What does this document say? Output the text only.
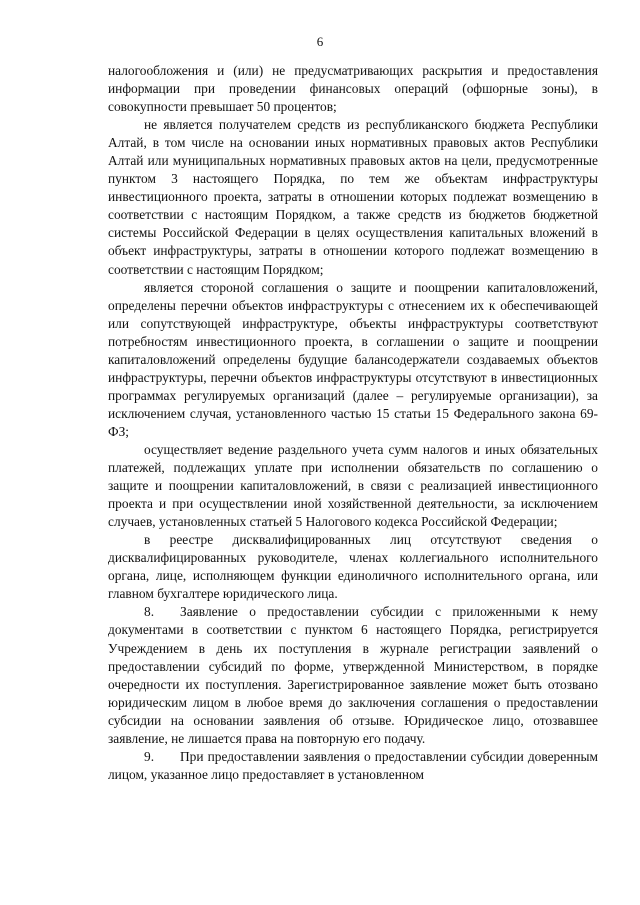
6

налогообложения и (или) не предусматривающих раскрытия и предоставления информации при проведении финансовых операций (офшорные зоны), в совокупности превышает 50 процентов;

не является получателем средств из республиканского бюджета Республики Алтай, в том числе на основании иных нормативных правовых актов Республики Алтай или муниципальных нормативных правовых актов на цели, предусмотренные пунктом 3 настоящего Порядка, по тем же объектам инфраструктуры инвестиционного проекта, затраты в отношении которых подлежат возмещению в соответствии с настоящим Порядком, а также средств из бюджетов бюджетной системы Российской Федерации в целях осуществления капитальных вложений в объект инфраструктуры, затраты в отношении которого подлежат возмещению в соответствии с настоящим Порядком;

является стороной соглашения о защите и поощрении капиталовложений, определены перечни объектов инфраструктуры с отнесением их к обеспечивающей или сопутствующей инфраструктуре, объекты инфраструктуры соответствуют потребностям инвестиционного проекта, в соглашении о защите и поощрении капиталовложений определены будущие балансодержатели создаваемых объектов инфраструктуры, перечни объектов инфраструктуры отсутствуют в инвестиционных программах регулируемых организаций (далее – регулируемые организации), за исключением случая, установленного частью 15 статьи 15 Федерального закона 69-ФЗ;

осуществляет ведение раздельного учета сумм налогов и иных обязательных платежей, подлежащих уплате при исполнении обязательств по соглашению о защите и поощрении капиталовложений, в связи с реализацией инвестиционного проекта и при осуществлении иной хозяйственной деятельности, за исключением случаев, установленных статьей 5 Налогового кодекса Российской Федерации;

в реестре дисквалифицированных лиц отсутствуют сведения о дисквалифицированных руководителе, членах коллегиального исполнительного органа, лице, исполняющем функции единоличного исполнительного органа, или главном бухгалтере юридического лица.

8. Заявление о предоставлении субсидии с приложенными к нему документами в соответствии с пунктом 6 настоящего Порядка, регистрируется Учреждением в день их поступления в журнале регистрации заявлений о предоставлении субсидий по форме, утвержденной Министерством, в порядке очередности их поступления. Зарегистрированное заявление может быть отозвано юридическим лицом в любое время до заключения соглашения о предоставлении субсидии на основании заявления об отзыве. Юридическое лицо, отозвавшее заявление, не лишается права на повторную его подачу.

9. При предоставлении заявления о предоставлении субсидии доверенным лицом, указанное лицо предоставляет в установленном
